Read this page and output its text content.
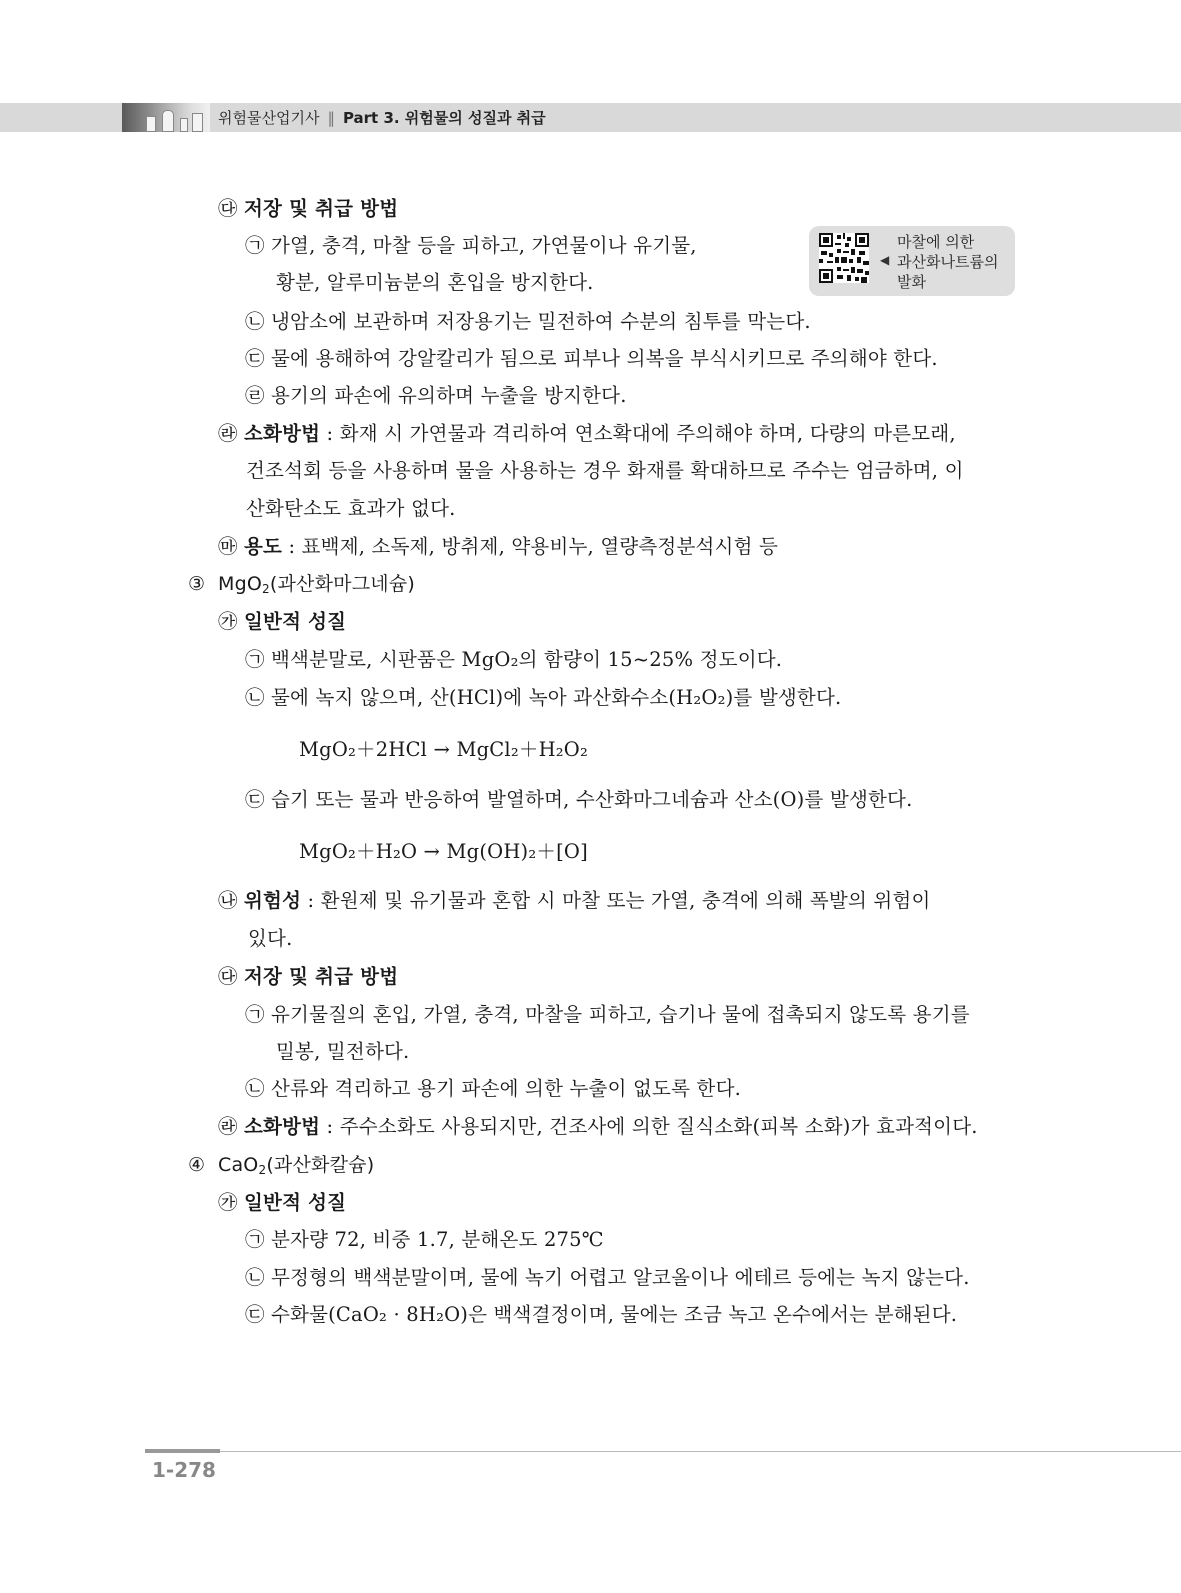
위험물산업기사 ‖ Part 3. 위험물의 성질과 취급
◀
마찰에 의한
과산화나트륨의
발화
㉰ 저장 및 취급 방법
㉠ 가열, 충격, 마찰 등을 피하고, 가연물이나 유기물,
황분, 알루미늄분의 혼입을 방지한다.
㉡ 냉암소에 보관하며 저장용기는 밀전하여 수분의 침투를 막는다.
㉢ 물에 용해하여 강알칼리가 됨으로 피부나 의복을 부식시키므로 주의해야 한다.
㉣ 용기의 파손에 유의하며 누출을 방지한다.
㉱ 소화방법 : 화재 시 가연물과 격리하여 연소확대에 주의해야 하며, 다량의 마른모래,
건조석회 등을 사용하며 물을 사용하는 경우 화재를 확대하므로 주수는 엄금하며, 이
산화탄소도 효과가 없다.
㉲ 용도 : 표백제, 소독제, 방취제, 약용비누, 열량측정분석시험 등
③ MgO$_2$(과산화마그네슘)
㉮ 일반적 성질
㉠ 백색분말로, 시판품은 MgO₂의 함량이 15~25% 정도이다.
㉡ 물에 녹지 않으며, 산(HCl)에 녹아 과산화수소(H₂O₂)를 발생한다.
MgO₂＋2HCl → MgCl₂＋H₂O₂
㉢ 습기 또는 물과 반응하여 발열하며, 수산화마그네슘과 산소(O)를 발생한다.
MgO₂＋H₂O → Mg(OH)₂＋[O]
㉯ 위험성 : 환원제 및 유기물과 혼합 시 마찰 또는 가열, 충격에 의해 폭발의 위험이
있다.
㉰ 저장 및 취급 방법
㉠ 유기물질의 혼입, 가열, 충격, 마찰을 피하고, 습기나 물에 접촉되지 않도록 용기를
밀봉, 밀전하다.
㉡ 산류와 격리하고 용기 파손에 의한 누출이 없도록 한다.
㉱ 소화방법 : 주수소화도 사용되지만, 건조사에 의한 질식소화(피복 소화)가 효과적이다.
④ CaO$_2$(과산화칼슘)
㉮ 일반적 성질
㉠ 분자량 72, 비중 1.7, 분해온도 275℃
㉡ 무정형의 백색분말이며, 물에 녹기 어렵고 알코올이나 에테르 등에는 녹지 않는다.
㉢ 수화물(CaO₂ · 8H₂O)은 백색결정이며, 물에는 조금 녹고 온수에서는 분해된다.
1-278
